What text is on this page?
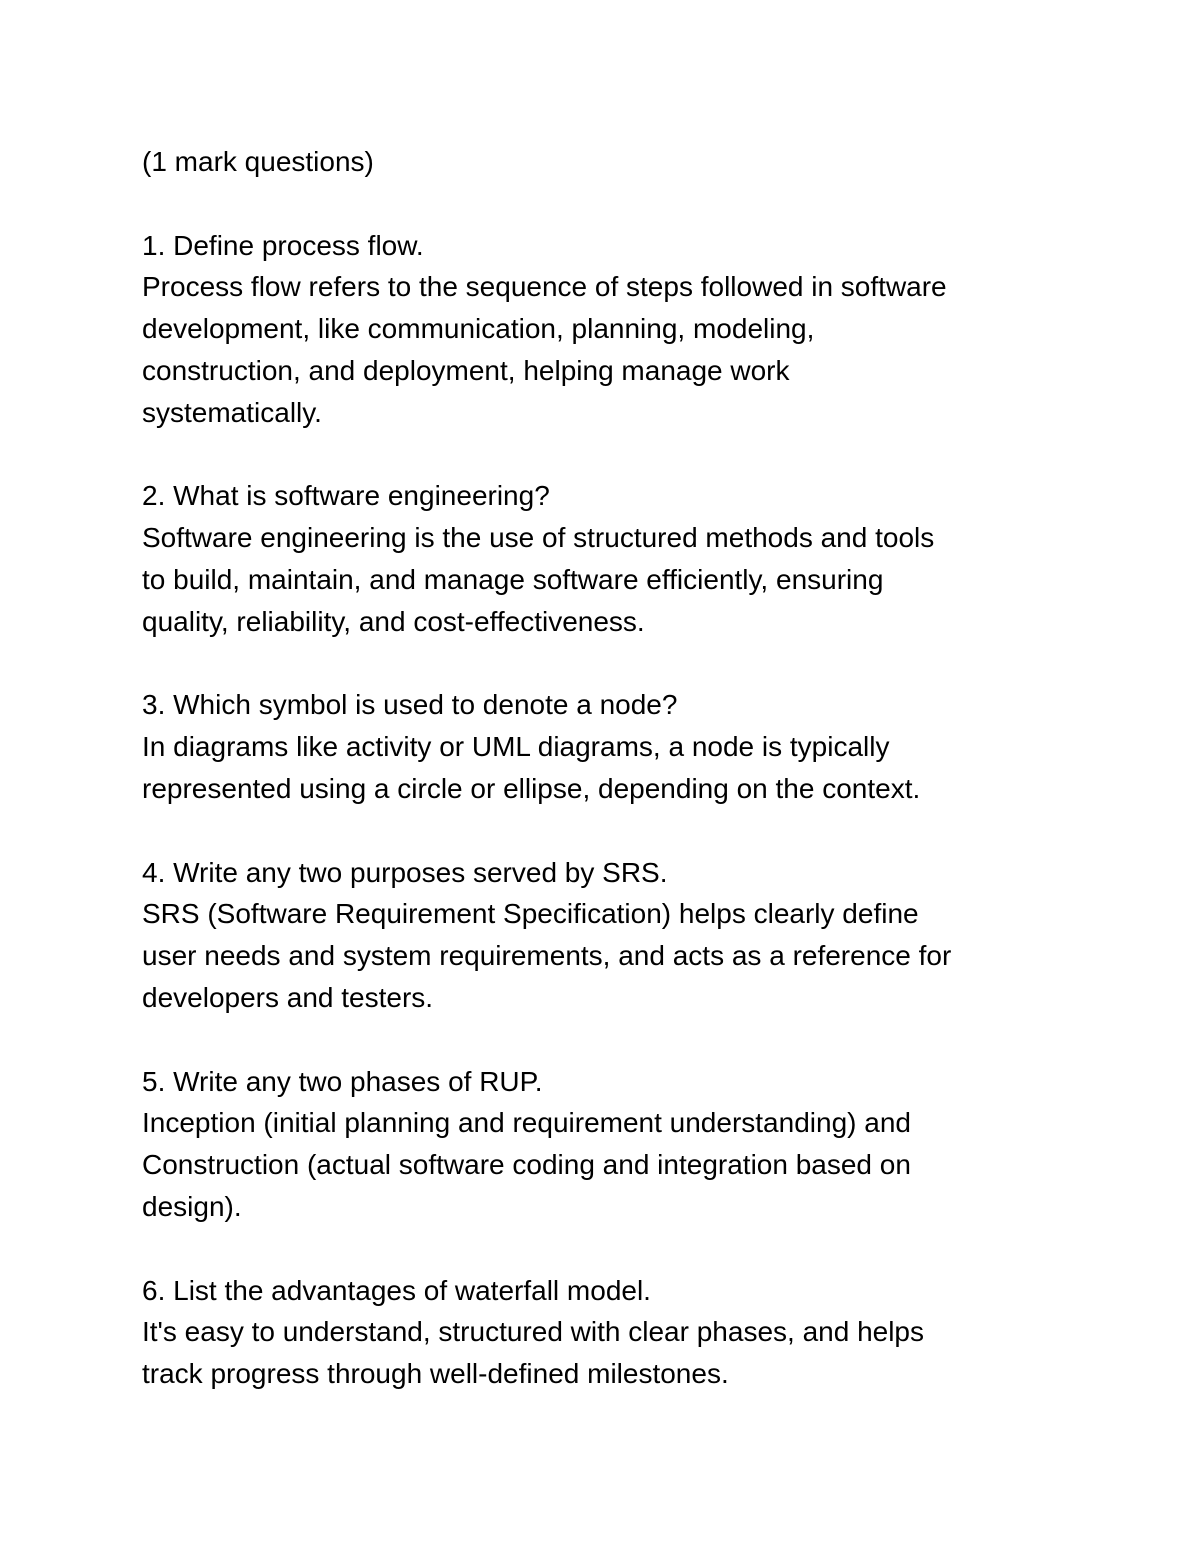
(1 mark questions)
1. Define process flow.
Process flow refers to the sequence of steps followed in software
development, like communication, planning, modeling,
construction, and deployment, helping manage work
systematically.
2. What is software engineering?
Software engineering is the use of structured methods and tools
to build, maintain, and manage software efficiently, ensuring
quality, reliability, and cost-effectiveness.
3. Which symbol is used to denote a node?
In diagrams like activity or UML diagrams, a node is typically
represented using a circle or ellipse, depending on the context.
4. Write any two purposes served by SRS.
SRS (Software Requirement Specification) helps clearly define
user needs and system requirements, and acts as a reference for
developers and testers.
5. Write any two phases of RUP.
Inception (initial planning and requirement understanding) and
Construction (actual software coding and integration based on
design).
6. List the advantages of waterfall model.
It's easy to understand, structured with clear phases, and helps
track progress through well-defined milestones.
